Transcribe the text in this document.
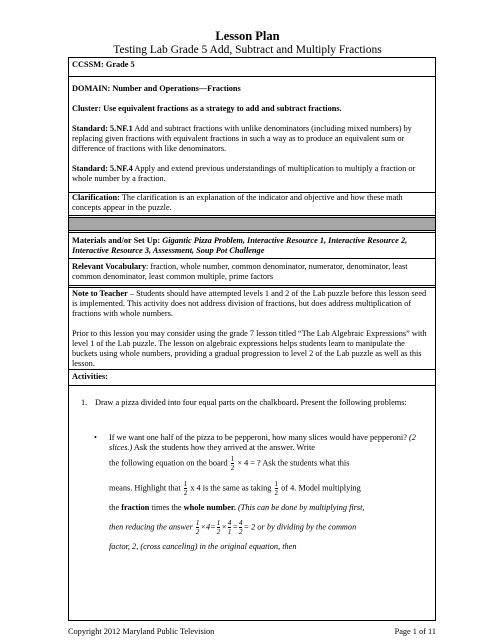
Lesson Plan
Testing Lab Grade 5 Add, Subtract and Multiply Fractions

CCSSM: Grade 5

DOMAIN: Number and Operations—Fractions

Cluster: Use equivalent fractions as a strategy to add and subtract fractions.

Standard: 5.NF.1 Add and subtract fractions with unlike denominators (including mixed numbers) by replacing given fractions with equivalent fractions in such a way as to produce an equivalent sum or difference of fractions with like denominators.

Standard: 5.NF.4 Apply and extend previous understandings of multiplication to multiply a fraction or whole number by a fraction.

Clarification: The clarification is an explanation of the indicator and objective and how these math concepts appear in the puzzle.

Materials and/or Set Up: Gigantic Pizza Problem, Interactive Resource 1, Interactive Resource 2, Interactive Resource 3, Assessment, Soup Pot Challenge

Relevant Vocabulary: fraction, whole number, common denominator, numerator, denominator, least common denominator, least common multiple, prime factors

Note to Teacher – Students should have attempted levels 1 and 2 of the Lab puzzle before this lesson seed is implemented. This activity does not address division of fractions, but does address multiplication of fractions with whole numbers.

Prior to this lesson you may consider using the grade 7 lesson titled “The Lab Algebraic Expressions” with level 1 of the Lab puzzle. The lesson on algebraic expressions helps students learn to manipulate the buckets using whole numbers, providing a gradual progression to level 2 of the Lab puzzle as well as this lesson.

Activities:

1. Draw a pizza divided into four equal parts on the chalkboard. Present the following problems:
• If we want one half of the pizza to be pepperoni, how many slices would have pepperoni? (2 slices.) Ask the students how they arrived at the answer. Write

the following equation on the board $\frac{1}{2} \times 4$ = ? Ask the students what this

means. Highlight that $\frac{1}{2}$ x 4 is the same as taking $\frac{1}{2}$ of 4. Model multiplying

the fraction times the whole number. (This can be done by multiplying first,

then reducing the answer $\frac{1}{2} \times 4= \frac{1}{2} \times \frac{4}{1} = \frac{4}{2} = 2$ or by dividing by the common

factor, 2, (cross canceling) in the original equation, then

Copyright 2012 Maryland Public Television	Page 1 of 11
